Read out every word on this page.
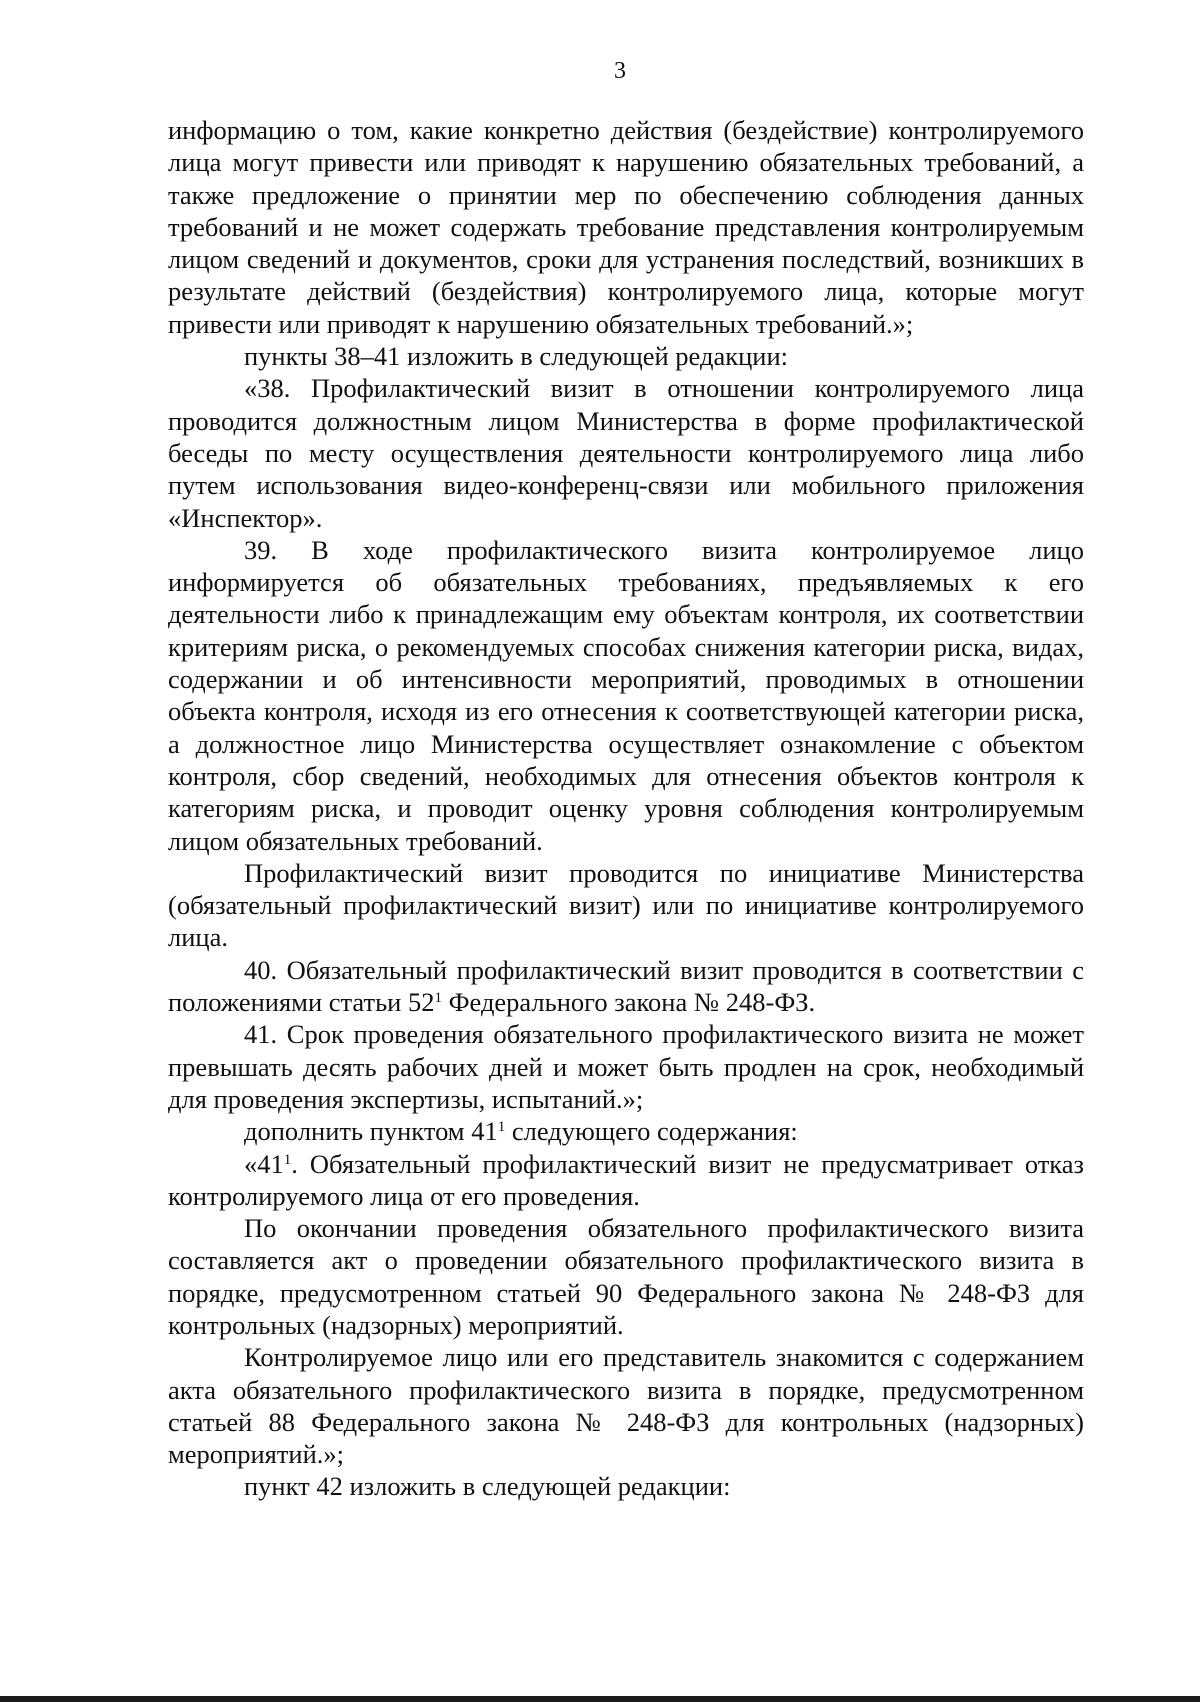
3

информацию о том, какие конкретно действия (бездействие) контролируемого лица могут привести или приводят к нарушению обязательных требований, а также предложение о принятии мер по обеспечению соблюдения данных требований и не может содержать требование представления контролируемым лицом сведений и документов, сроки для устранения последствий, возникших в результате действий (бездействия) контролируемого лица, которые могут привести или приводят к нарушению обязательных требований.»;

пункты 38–41 изложить в следующей редакции:

«38. Профилактический визит в отношении контролируемого лица проводится должностным лицом Министерства в форме профилактической беседы по месту осуществления деятельности контролируемого лица либо путем использования видео-конференц-связи или мобильного приложения «Инспектор».

39. В ходе профилактического визита контролируемое лицо информируется об обязательных требованиях, предъявляемых к его деятельности либо к принадлежащим ему объектам контроля, их соответствии критериям риска, о рекомендуемых способах снижения категории риска, видах, содержании и об интенсивности мероприятий, проводимых в отношении объекта контроля, исходя из его отнесения к соответствующей категории риска, а должностное лицо Министерства осуществляет ознакомление с объектом контроля, сбор сведений, необходимых для отнесения объектов контроля к категориям риска, и проводит оценку уровня соблюдения контролируемым лицом обязательных требований.

Профилактический визит проводится по инициативе Министерства (обязательный профилактический визит) или по инициативе контролируемого лица.

40. Обязательный профилактический визит проводится в соответствии с положениями статьи $52^1$ Федерального закона № 248-ФЗ.

41. Срок проведения обязательного профилактического визита не может превышать десять рабочих дней и может быть продлен на срок, необходимый для проведения экспертизы, испытаний.»;

дополнить пунктом $41^1$ следующего содержания:

«$41^1$. Обязательный профилактический визит не предусматривает отказ контролируемого лица от его проведения.

По окончании проведения обязательного профилактического визита составляется акт о проведении обязательного профилактического визита в порядке, предусмотренном статьей 90 Федерального закона № 248-ФЗ для контрольных (надзорных) мероприятий.

Контролируемое лицо или его представитель знакомится с содержанием акта обязательного профилактического визита в порядке, предусмотренном статьей 88 Федерального закона № 248-ФЗ для контрольных (надзорных) мероприятий.»;

пункт 42 изложить в следующей редакции:
